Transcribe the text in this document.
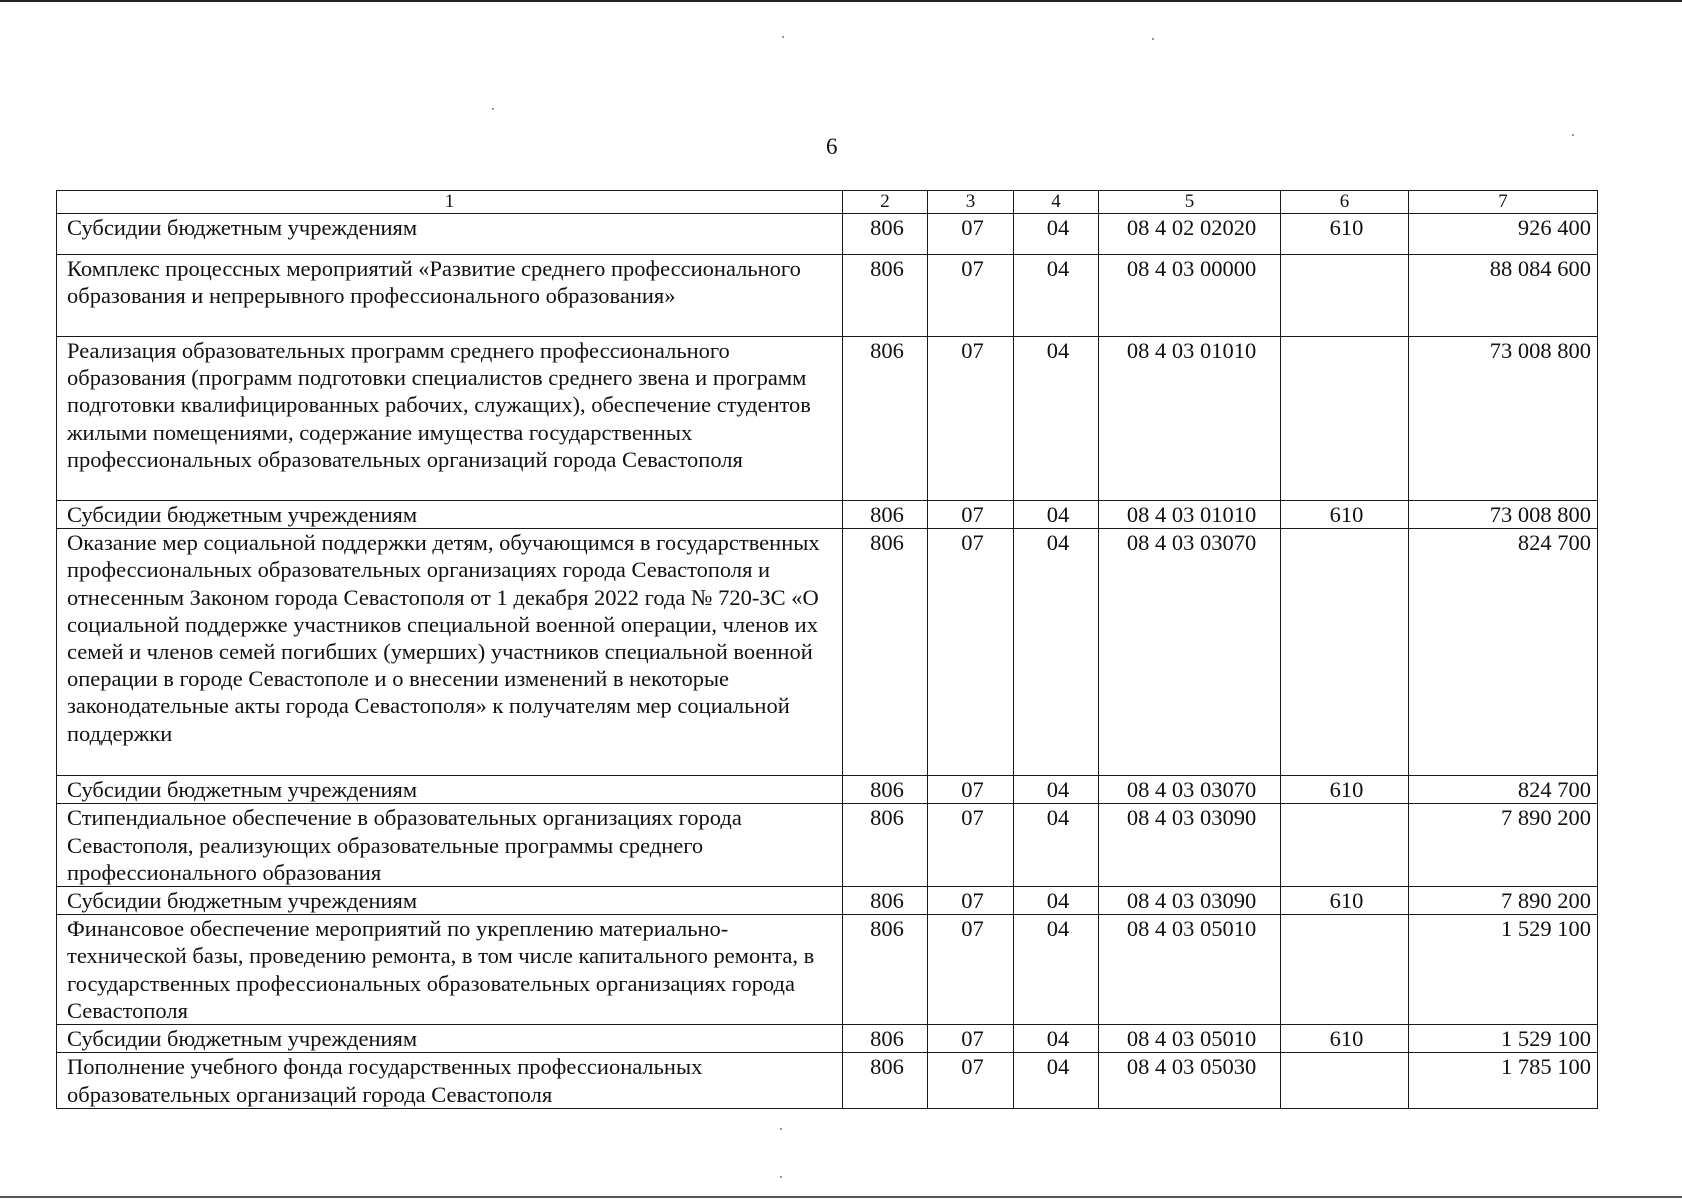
6
1	2	3	4	5	6	7
Субсидии бюджетным учреждениям	806	07	04	08 4 02 02020	610	926 400
Комплекс процессных мероприятий «Развитие среднего профессионального образования и непрерывного профессионального образования»	806	07	04	08 4 03 00000		88 084 600
Реализация образовательных программ среднего профессионального образования (программ подготовки специалистов среднего звена и программ подготовки квалифицированных рабочих, служащих), обеспечение студентов жилыми помещениями, содержание имущества государственных профессиональных образовательных организаций города Севастополя	806	07	04	08 4 03 01010		73 008 800
Субсидии бюджетным учреждениям	806	07	04	08 4 03 01010	610	73 008 800
Оказание мер социальной поддержки детям, обучающимся в государственных профессиональных образовательных организациях города Севастополя и отнесенным Законом города Севастополя от 1 декабря 2022 года № 720-ЗС «О социальной поддержке участников специальной военной операции, членов их семей и членов семей погибших (умерших) участников специальной военной операции в городе Севастополе и о внесении изменений в некоторые законодательные акты города Севастополя» к получателям мер социальной поддержки	806	07	04	08 4 03 03070		824 700
Субсидии бюджетным учреждениям	806	07	04	08 4 03 03070	610	824 700
Стипендиальное обеспечение в образовательных организациях города Севастополя, реализующих образовательные программы среднего профессионального образования	806	07	04	08 4 03 03090		7 890 200
Субсидии бюджетным учреждениям	806	07	04	08 4 03 03090	610	7 890 200
Финансовое обеспечение мероприятий по укреплению материально-технической базы, проведению ремонта, в том числе капитального ремонта, в государственных профессиональных образовательных организациях города Севастополя	806	07	04	08 4 03 05010		1 529 100
Субсидии бюджетным учреждениям	806	07	04	08 4 03 05010	610	1 529 100
Пополнение учебного фонда государственных профессиональных образовательных организаций города Севастополя	806	07	04	08 4 03 05030		1 785 100
